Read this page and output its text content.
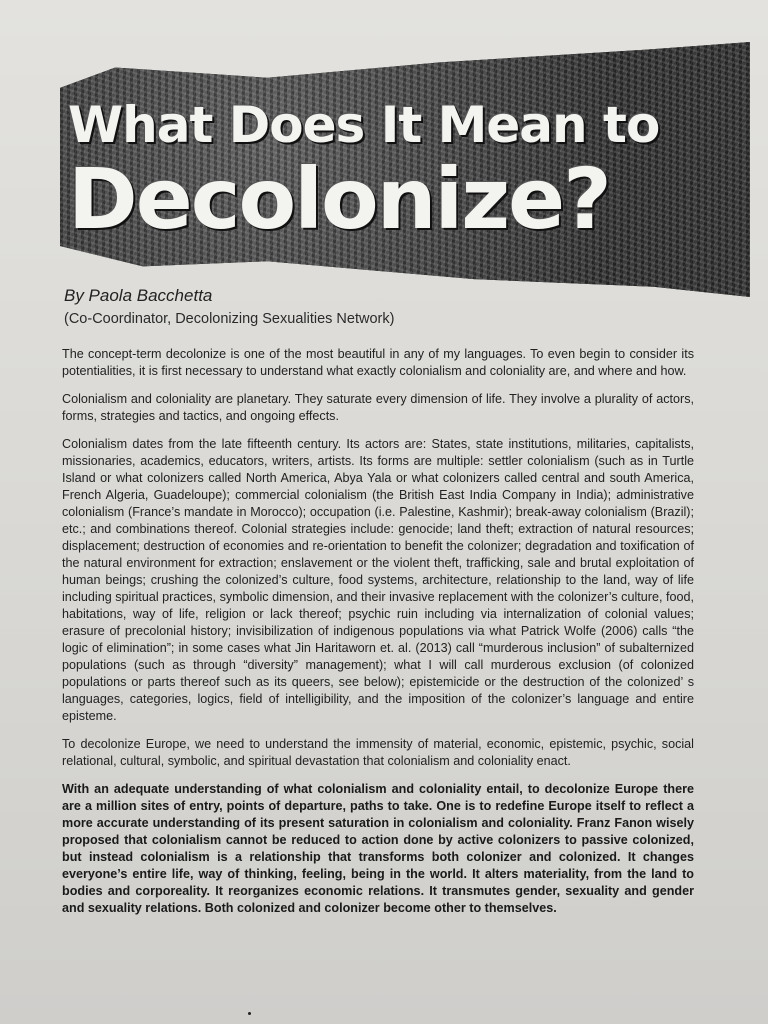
What Does It Mean to
Decolonize?

By Paola Bacchetta

(Co-Coordinator, Decolonizing Sexualities Network)

The concept-term decolonize is one of the most beautiful in any of my languages. To even begin to consider its potentialities, it is first necessary to understand what exactly colonialism and coloniality are, and where and how.

Colonialism and coloniality are planetary. They saturate every dimension of life. They involve a plurality of actors, forms, strategies and tactics, and ongoing effects.

Colonialism dates from the late fifteenth century. Its actors are: States, state institutions, militaries, capitalists, missionaries, academics, educators, writers, artists. Its forms are multiple: settler colonialism (such as in Turtle Island or what colonizers called North America, Abya Yala or what colonizers called central and south America, French Algeria, Guadeloupe); commercial colonialism (the British East India Company in India); administrative colonialism (France’s mandate in Morocco); occupation (i.e. Palestine, Kashmir); break-away colonialism (Brazil); etc.; and combinations thereof. Colonial strategies include: genocide; land theft; extraction of natural resources; displacement; destruction of economies and re-orientation to benefit the colonizer; degradation and toxification of the natural environment for extraction; enslavement or the violent theft, trafficking, sale and brutal exploitation of human beings; crushing the colonized’s culture, food systems, architecture, relationship to the land, way of life including spiritual practices, symbolic dimension, and their invasive replacement with the colonizer’s culture, food, habitations, way of life, religion or lack thereof; psychic ruin including via internalization of colonial values; erasure of precolonial history; invisibilization of indigenous populations via what Patrick Wolfe (2006) calls “the logic of elimination”; in some cases what Jin Haritaworn et. al. (2013) call “murderous inclusion” of subalternized populations (such as through “diversity” management); what I will call murderous exclusion (of colonized populations or parts thereof such as its queers, see below); epistemicide or the destruction of the colonized’ s languages, categories, logics, field of intelligibility, and the imposition of the colonizer’s language and entire episteme.

To decolonize Europe, we need to understand the immensity of material, economic, epistemic, psychic, social relational, cultural, symbolic, and spiritual devastation that colonialism and coloniality enact.

With an adequate understanding of what colonialism and coloniality entail, to decolonize Europe there are a million sites of entry, points of departure, paths to take. One is to redefine Europe itself to reflect a more accurate understanding of its present saturation in colonialism and coloniality. Franz Fanon wisely proposed that colonialism cannot be reduced to action done by active colonizers to passive colonized, but instead colonialism is a relationship that transforms both colonizer and colonized. It changes everyone’s entire life, way of thinking, feeling, being in the world. It alters materiality, from the land to bodies and corporeality. It reorganizes economic relations. It transmutes gender, sexuality and gender and sexuality relations. Both colonized and colonizer become other to themselves.
